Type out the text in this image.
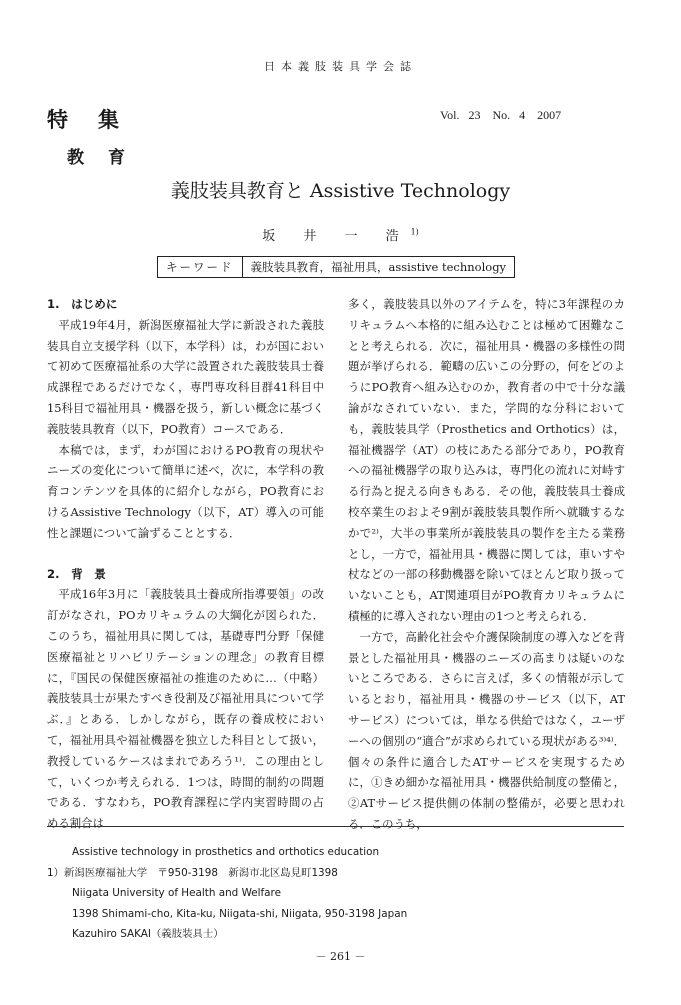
日本義肢装具学会誌
特集
教育
Vol. 23　No. 4　2007
義肢装具教育と Assistive Technology
坂 井 一 浩$^{1)}$
キーワード	義肢装具教育，福祉用具，assistive technology
1.　はじめに

平成19年4月，新潟医療福祉大学に新設された義肢装具自立支援学科（以下，本学科）は，わが国において初めて医療福祉系の大学に設置された義肢装具士養成課程であるだけでなく，専門専攻科目群41科目中15科目で福祉用具・機器を扱う，新しい概念に基づく義肢装具教育（以下，PO教育）コースである．

本稿では，まず，わが国におけるPO教育の現状やニーズの変化について簡単に述べ，次に，本学科の教育コンテンツを具体的に紹介しながら，PO教育におけるAssistive Technology（以下，AT）導入の可能性と課題について論ずることとする．

2.　背　景

平成16年3月に「義肢装具士養成所指導要領」の改訂がなされ，POカリキュラムの大綱化が図られた．このうち，福祉用具に関しては，基礎専門分野「保健医療福祉とリハビリテーションの理念」の教育目標に，『国民の保健医療福祉の推進のために…（中略）義肢装具士が果たすべき役割及び福祉用具について学ぶ．』とある．しかしながら，既存の養成校において，福祉用具や福祉機器を独立した科目として扱い，教授しているケースはまれであろう¹⁾．この理由として，いくつか考えられる．1つは，時間的制約の問題である．すなわち，PO教育課程に学内実習時間の占める割合は

多く，義肢装具以外のアイテムを，特に3年課程のカリキュラムへ本格的に組み込むことは極めて困難なことと考えられる．次に，福祉用具・機器の多様性の問題が挙げられる．範疇の広いこの分野の，何をどのようにPO教育へ組み込むのか，教育者の中で十分な議論がなされていない．また，学問的な分科においても，義肢装具学（Prosthetics and Orthotics）は，福祉機器学（AT）の枝にあたる部分であり，PO教育への福祉機器学の取り込みは，専門化の流れに対峙する行為と捉える向きもある．その他，義肢装具士養成校卒業生のおよそ9割が義肢装具製作所へ就職するなかで²⁾，大半の事業所が義肢装具の製作を主たる業務とし，一方で，福祉用具・機器に関しては，車いすや杖などの一部の移動機器を除いてほとんど取り扱っていないことも，AT関連項目がPO教育カリキュラムに積極的に導入されない理由の1つと考えられる．

一方で，高齢化社会や介護保険制度の導入などを背景とした福祉用具・機器のニーズの高まりは疑いのないところである．さらに言えば，多くの情報が示しているとおり，福祉用具・機器のサービス（以下，ATサービス）については，単なる供給ではなく，ユーザーへの個別の“適合”が求められている現状がある³⁾⁴⁾．個々の条件に適合したATサービスを実現するために，①きめ細かな福祉用具・機器供給制度の整備と，②ATサービス提供側の体制の整備が，必要と思われる．このうち，

Assistive technology in prosthetics and orthotics education
1）新潟医療福祉大学　〒950-3198　新潟市北区島見町1398
Niigata University of Health and Welfare
1398 Shimami-cho, Kita-ku, Niigata-shi, Niigata, 950-3198 Japan
Kazuhiro SAKAI（義肢装具士）
－ 261 －
